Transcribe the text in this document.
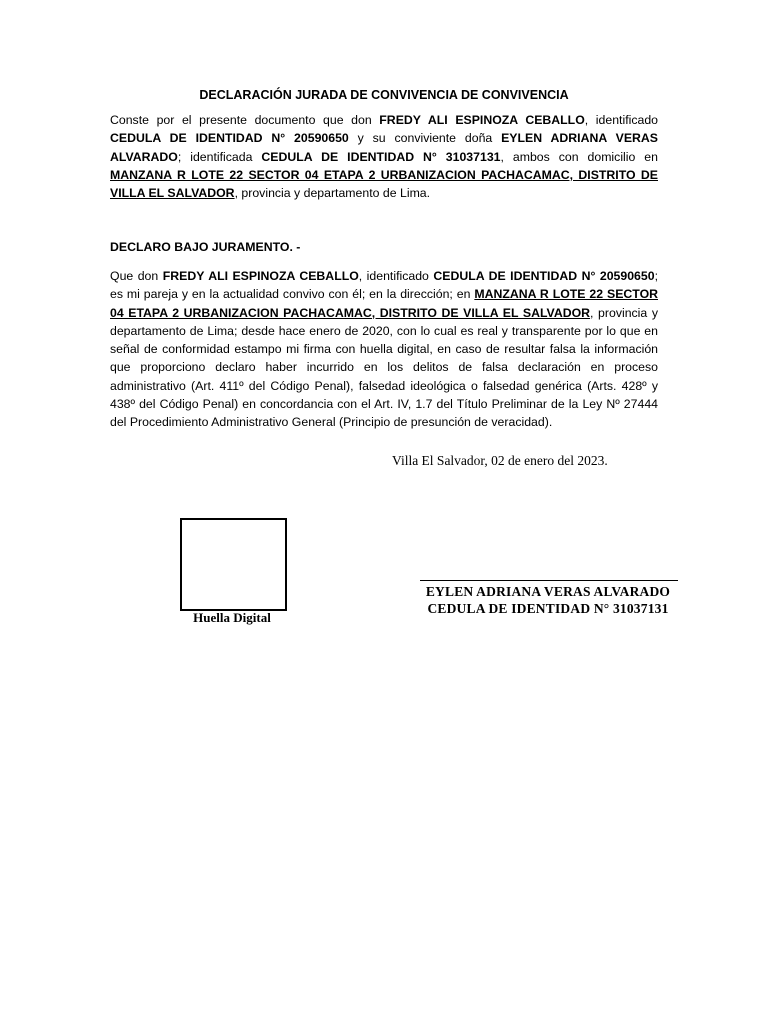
DECLARACIÓN JURADA DE CONVIVENCIA DE CONVIVENCIA
Conste por el presente documento que don FREDY ALI ESPINOZA CEBALLO, identificado CEDULA DE IDENTIDAD N° 20590650 y su conviviente doña EYLEN ADRIANA VERAS ALVARADO; identificada CEDULA DE IDENTIDAD N° 31037131, ambos con domicilio en MANZANA R LOTE 22 SECTOR 04 ETAPA 2 URBANIZACION PACHACAMAC, DISTRITO DE VILLA EL SALVADOR, provincia y departamento de Lima.
DECLARO BAJO JURAMENTO. -
Que don FREDY ALI ESPINOZA CEBALLO, identificado CEDULA DE IDENTIDAD N° 20590650; es mi pareja y en la actualidad convivo con él; en la dirección; en MANZANA R LOTE 22 SECTOR 04 ETAPA 2 URBANIZACION PACHACAMAC, DISTRITO DE VILLA EL SALVADOR, provincia y departamento de Lima; desde hace enero de 2020, con lo cual es real y transparente por lo que en señal de conformidad estampo mi firma con huella digital, en caso de resultar falsa la información que proporciono declaro haber incurrido en los delitos de falsa declaración en proceso administrativo (Art. 411º del Código Penal), falsedad ideológica o falsedad genérica (Arts. 428º y 438º del Código Penal) en concordancia con el Art. IV, 1.7 del Título Preliminar de la Ley Nº 27444 del Procedimiento Administrativo General (Principio de presunción de veracidad).
Villa El Salvador, 02 de enero del 2023.
Huella Digital
EYLEN ADRIANA VERAS ALVARADO
CEDULA DE IDENTIDAD N° 31037131
